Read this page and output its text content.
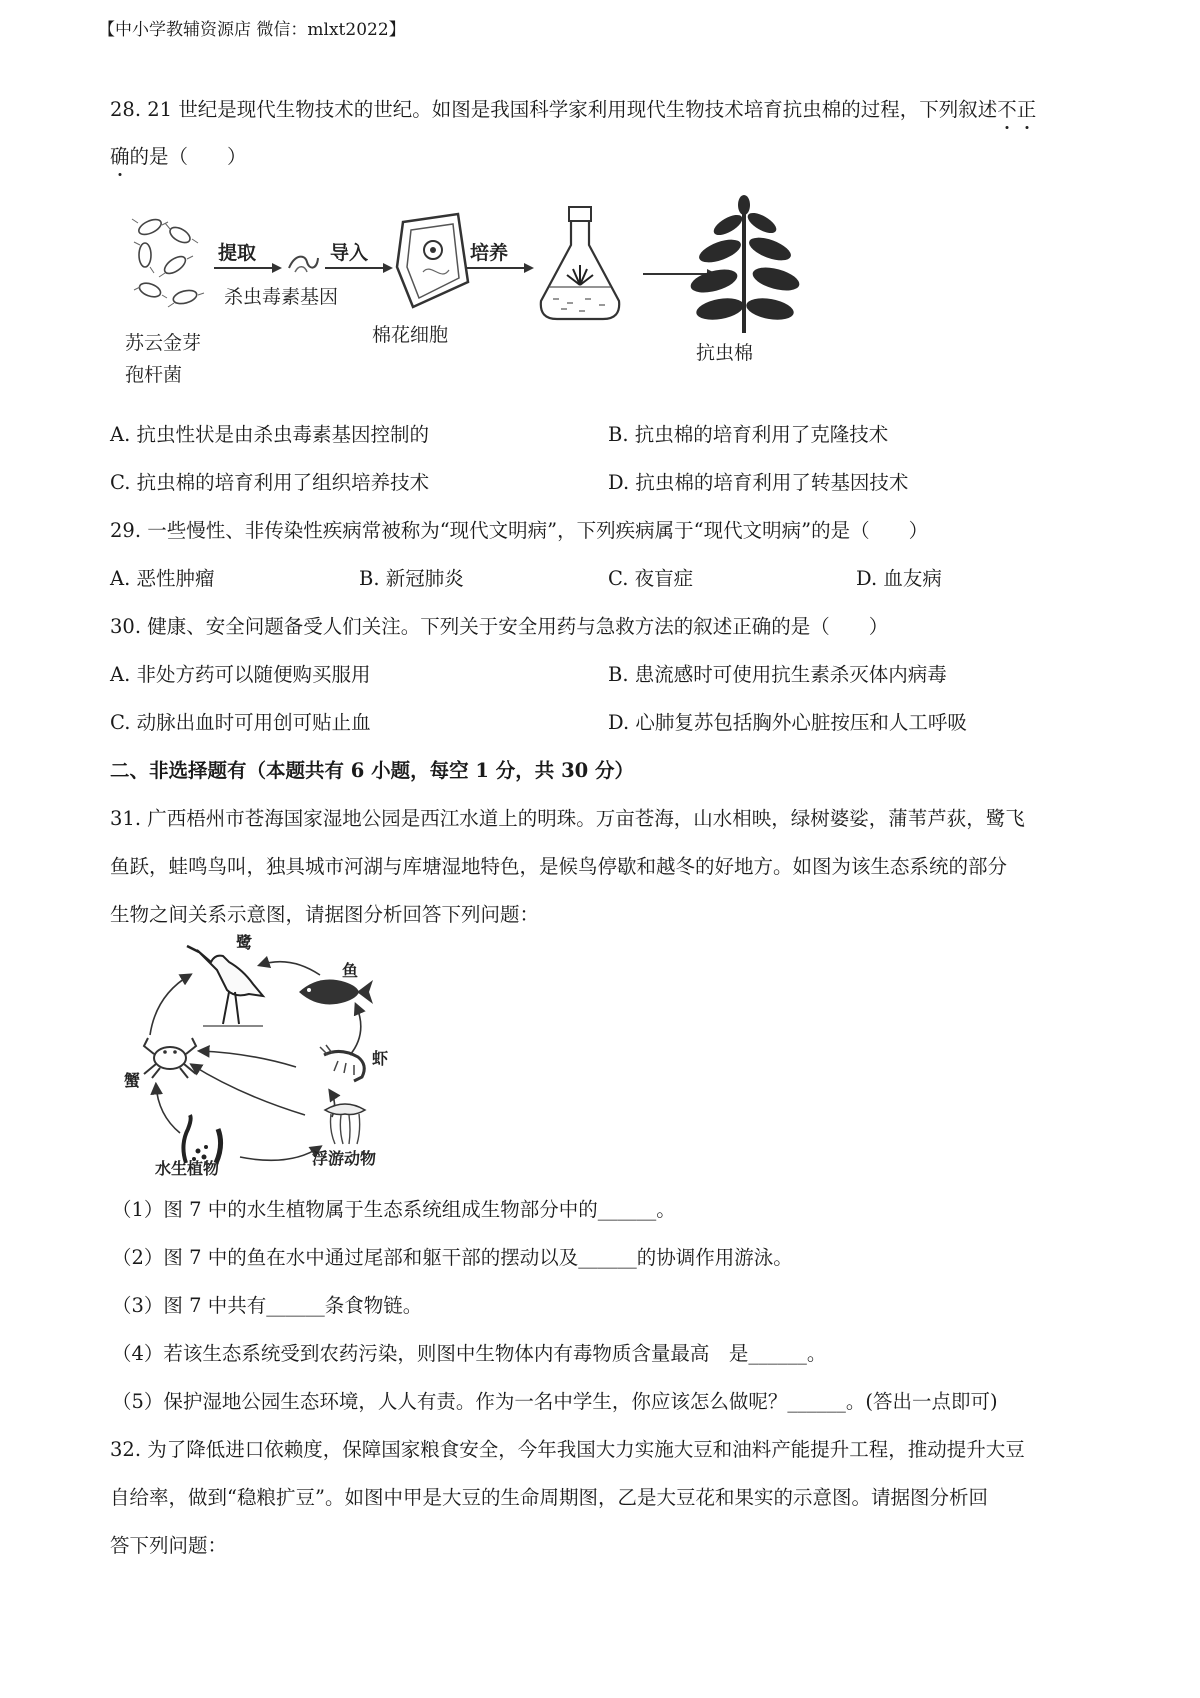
【中小学教辅资源店 微信：mlxt2022】
28. 21 世纪是现代生物技术的世纪。如图是我国科学家利用现代生物技术培育抗虫棉的过程，下列叙述不正
确的是（　　）
苏云金芽
孢杆菌
提取
杀虫毒素基因
导入
棉花细胞
培养
抗虫棉
A. 抗虫性状是由杀虫毒素基因控制的	B. 抗虫棉的培育利用了克隆技术
C. 抗虫棉的培育利用了组织培养技术	D. 抗虫棉的培育利用了转基因技术
29. 一些慢性、非传染性疾病常被称为“现代文明病”，下列疾病属于“现代文明病”的是（　　）
A. 恶性肿瘤	B. 新冠肺炎	C. 夜盲症	D. 血友病
30. 健康、安全问题备受人们关注。下列关于安全用药与急救方法的叙述正确的是（　　）
A. 非处方药可以随便购买服用	B. 患流感时可使用抗生素杀灭体内病毒
C. 动脉出血时可用创可贴止血	D. 心肺复苏包括胸外心脏按压和人工呼吸
二、非选择题有（本题共有 6 小题，每空 1 分，共 30 分）
31. 广西梧州市苍海国家湿地公园是西江水道上的明珠。万亩苍海，山水相映，绿树婆娑，蒲苇芦荻，鹭飞
鱼跃，蛙鸣鸟叫，独具城市河湖与库塘湿地特色，是候鸟停歇和越冬的好地方。如图为该生态系统的部分
生物之间关系示意图，请据图分析回答下列问题：
鹭
鱼
虾
蟹
浮游动物
水生植物
（1）图 7 中的水生植物属于生态系统组成生物部分中的______。
（2）图 7 中的鱼在水中通过尾部和躯干部的摆动以及______的协调作用游泳。
（3）图 7 中共有______条食物链。
（4）若该生态系统受到农药污染，则图中生物体内有毒物质含量最高　是______。
（5）保护湿地公园生态环境，人人有责。作为一名中学生，你应该怎么做呢？______。(答出一点即可)
32. 为了降低进口依赖度，保障国家粮食安全，今年我国大力实施大豆和油料产能提升工程，推动提升大豆
自给率，做到“稳粮扩豆”。如图中甲是大豆的生命周期图，乙是大豆花和果实的示意图。请据图分析回
答下列问题：
